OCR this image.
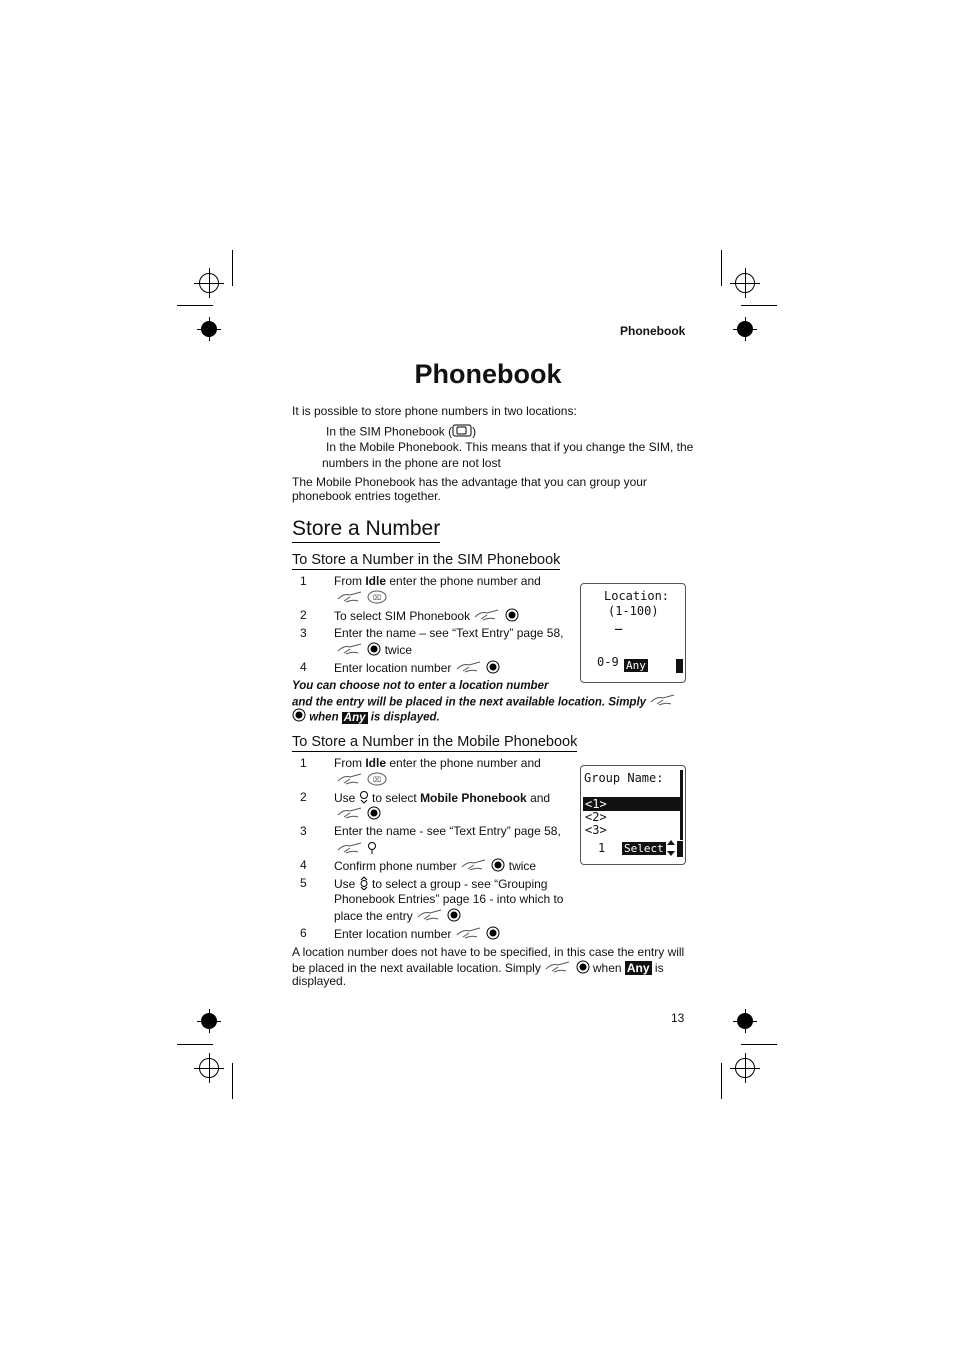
Phonebook
Phonebook
It is possible to store phone numbers in two locations:
In the SIM Phonebook ( )
In the Mobile Phonebook. This means that if you change the SIM, the
numbers in the phone are not lost
The Mobile Phonebook has the advantage that you can group your
phonebook entries together.
Store a Number
To Store a Number in the SIM Phonebook
1 From Idle enter the phone number and

⌧
2 To select SIM Phonebook
3 Enter the name – see “Text Entry” page 58,
twice
4 Enter location number
Location:
(1-100)
_
0-9 Any
You can choose not to enter a location number
and the entry will be placed in the next available location. Simply
when Any is displayed.
To Store a Number in the Mobile Phonebook
1 From Idle enter the phone number and

⌧
2 Use to select Mobile Phonebook and

3 Enter the name - see “Text Entry” page 58,

4 Confirm phone number	twice
5 Use to select a group - see “Grouping
Phonebook Entries” page 16 - into which to
place the entry
6 Enter location number
Group Name:
<1>
<2>
<3>
1 Select
A location number does not have to be specified, in this case the entry will
be placed in the next available location. Simply	when Any is
displayed.
13
